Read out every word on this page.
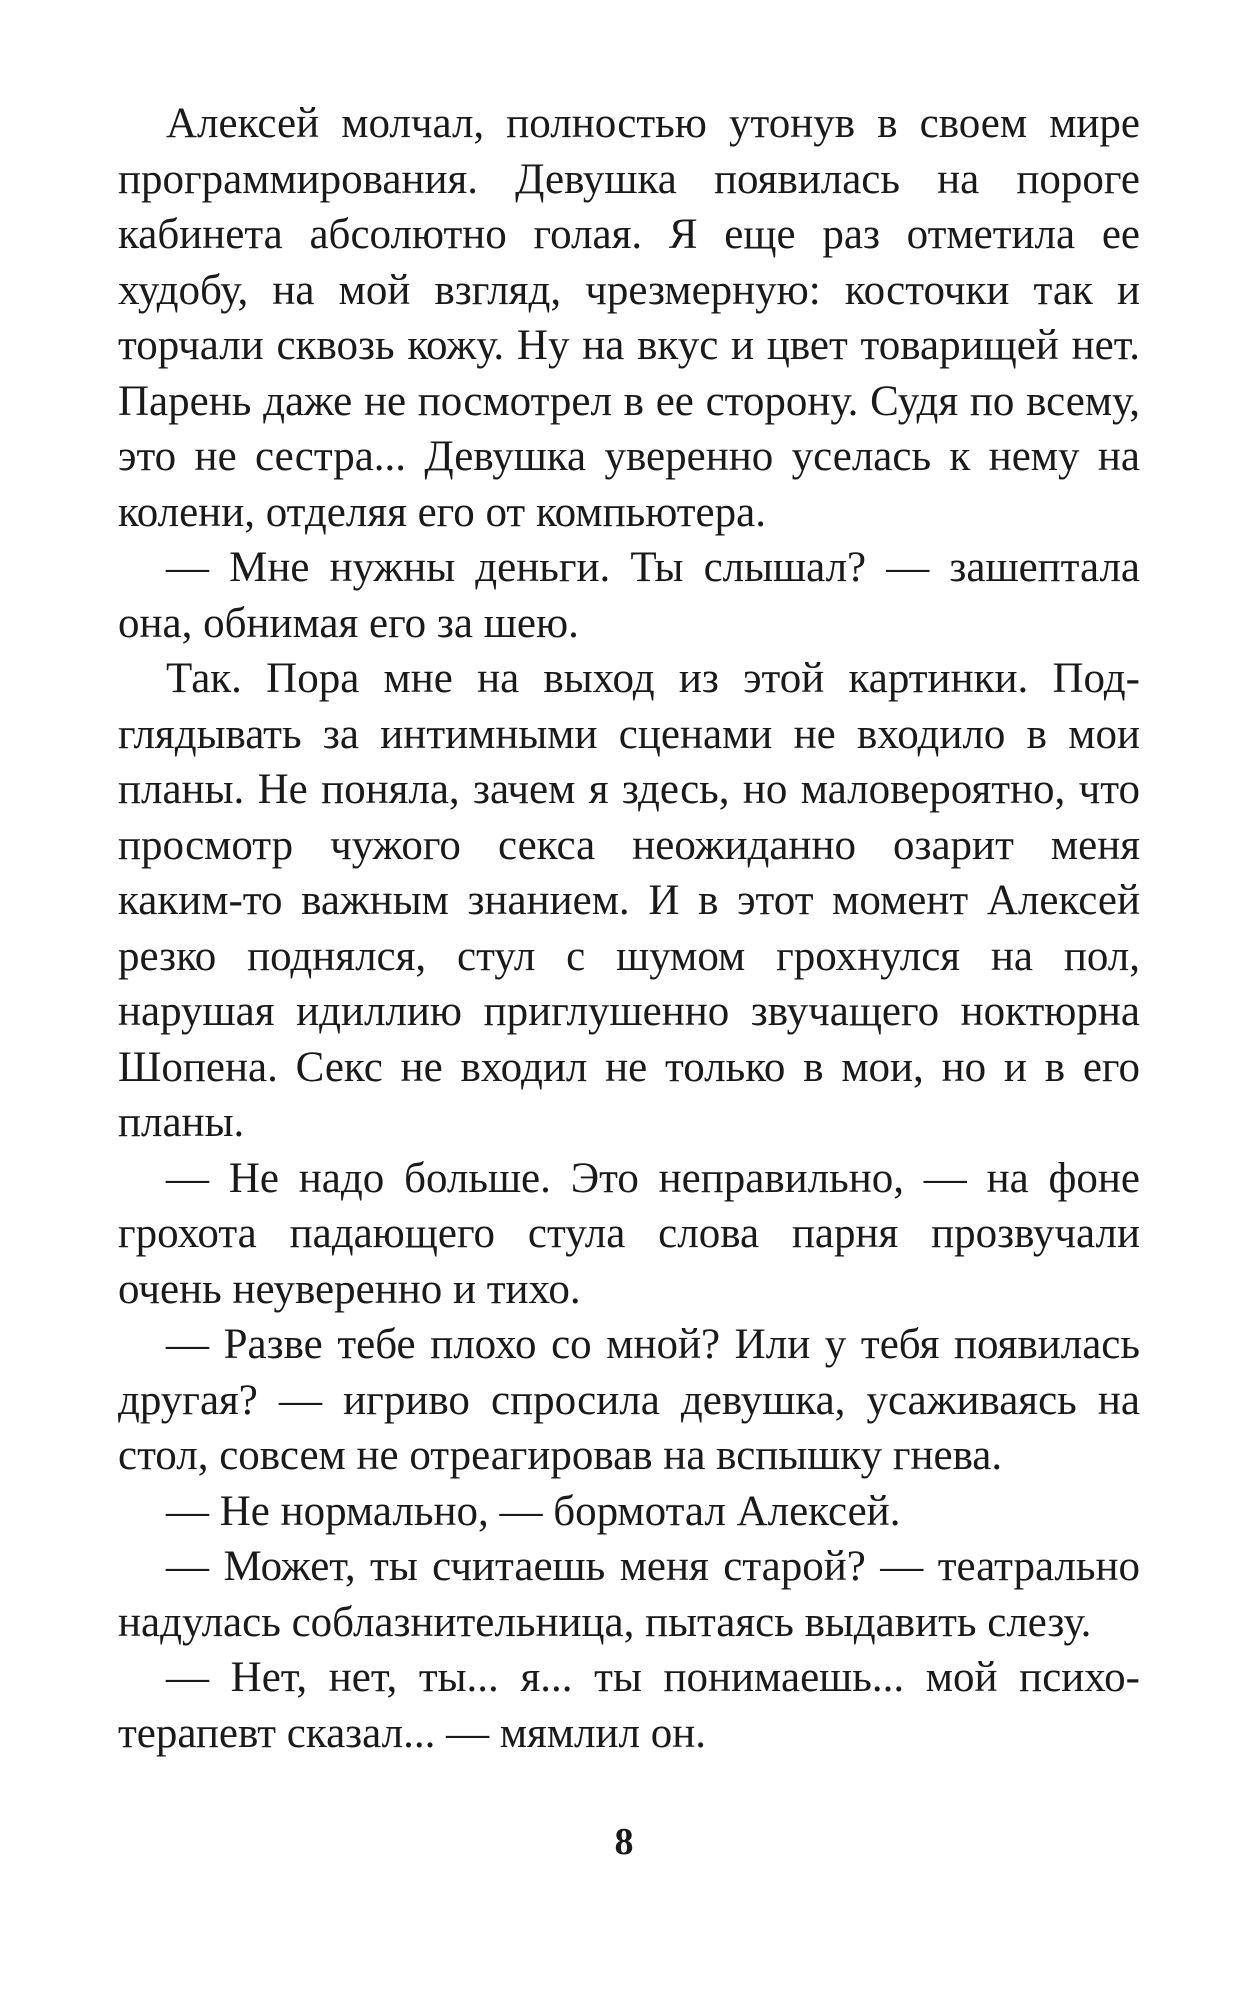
Алексей молчал, полностью утонув в своем мире программирования. Девушка появилась на пороге кабинета абсолютно голая. Я еще раз отметила ее худобу, на мой взгляд, чрезмерную: косточки так и торчали сквозь кожу. Ну на вкус и цвет товарищей нет. Парень даже не посмотрел в ее сторону. Судя по всему, это не сестра... Девушка уверенно уселась к нему на колени, отделяя его от компьютера.

— Мне нужны деньги. Ты слышал? — зашептала она, обнимая его за шею.

Так. Пора мне на выход из этой картинки. Подглядывать за интимными сценами не входило в мои планы. Не поняла, зачем я здесь, но маловероятно, что просмотр чужого секса неожиданно озарит меня каким-то важным знанием. И в этот момент Алексей резко поднялся, стул с шумом грохнулся на пол, нарушая идиллию приглушенно звучащего ноктюрна Шопена. Секс не входил не только в мои, но и в его планы.

— Не надо больше. Это неправильно, — на фоне грохота падающего стула слова парня прозвучали очень неуверенно и тихо.

— Разве тебе плохо со мной? Или у тебя появилась другая? — игриво спросила девушка, усаживаясь на стол, совсем не отреагировав на вспышку гнева.

— Не нормально, — бормотал Алексей.

— Может, ты считаешь меня старой? — театрально надулась соблазнительница, пытаясь выдавить слезу.

— Нет, нет, ты... я... ты понимаешь... мой психотерапевт сказал... — мямлил он.

8
